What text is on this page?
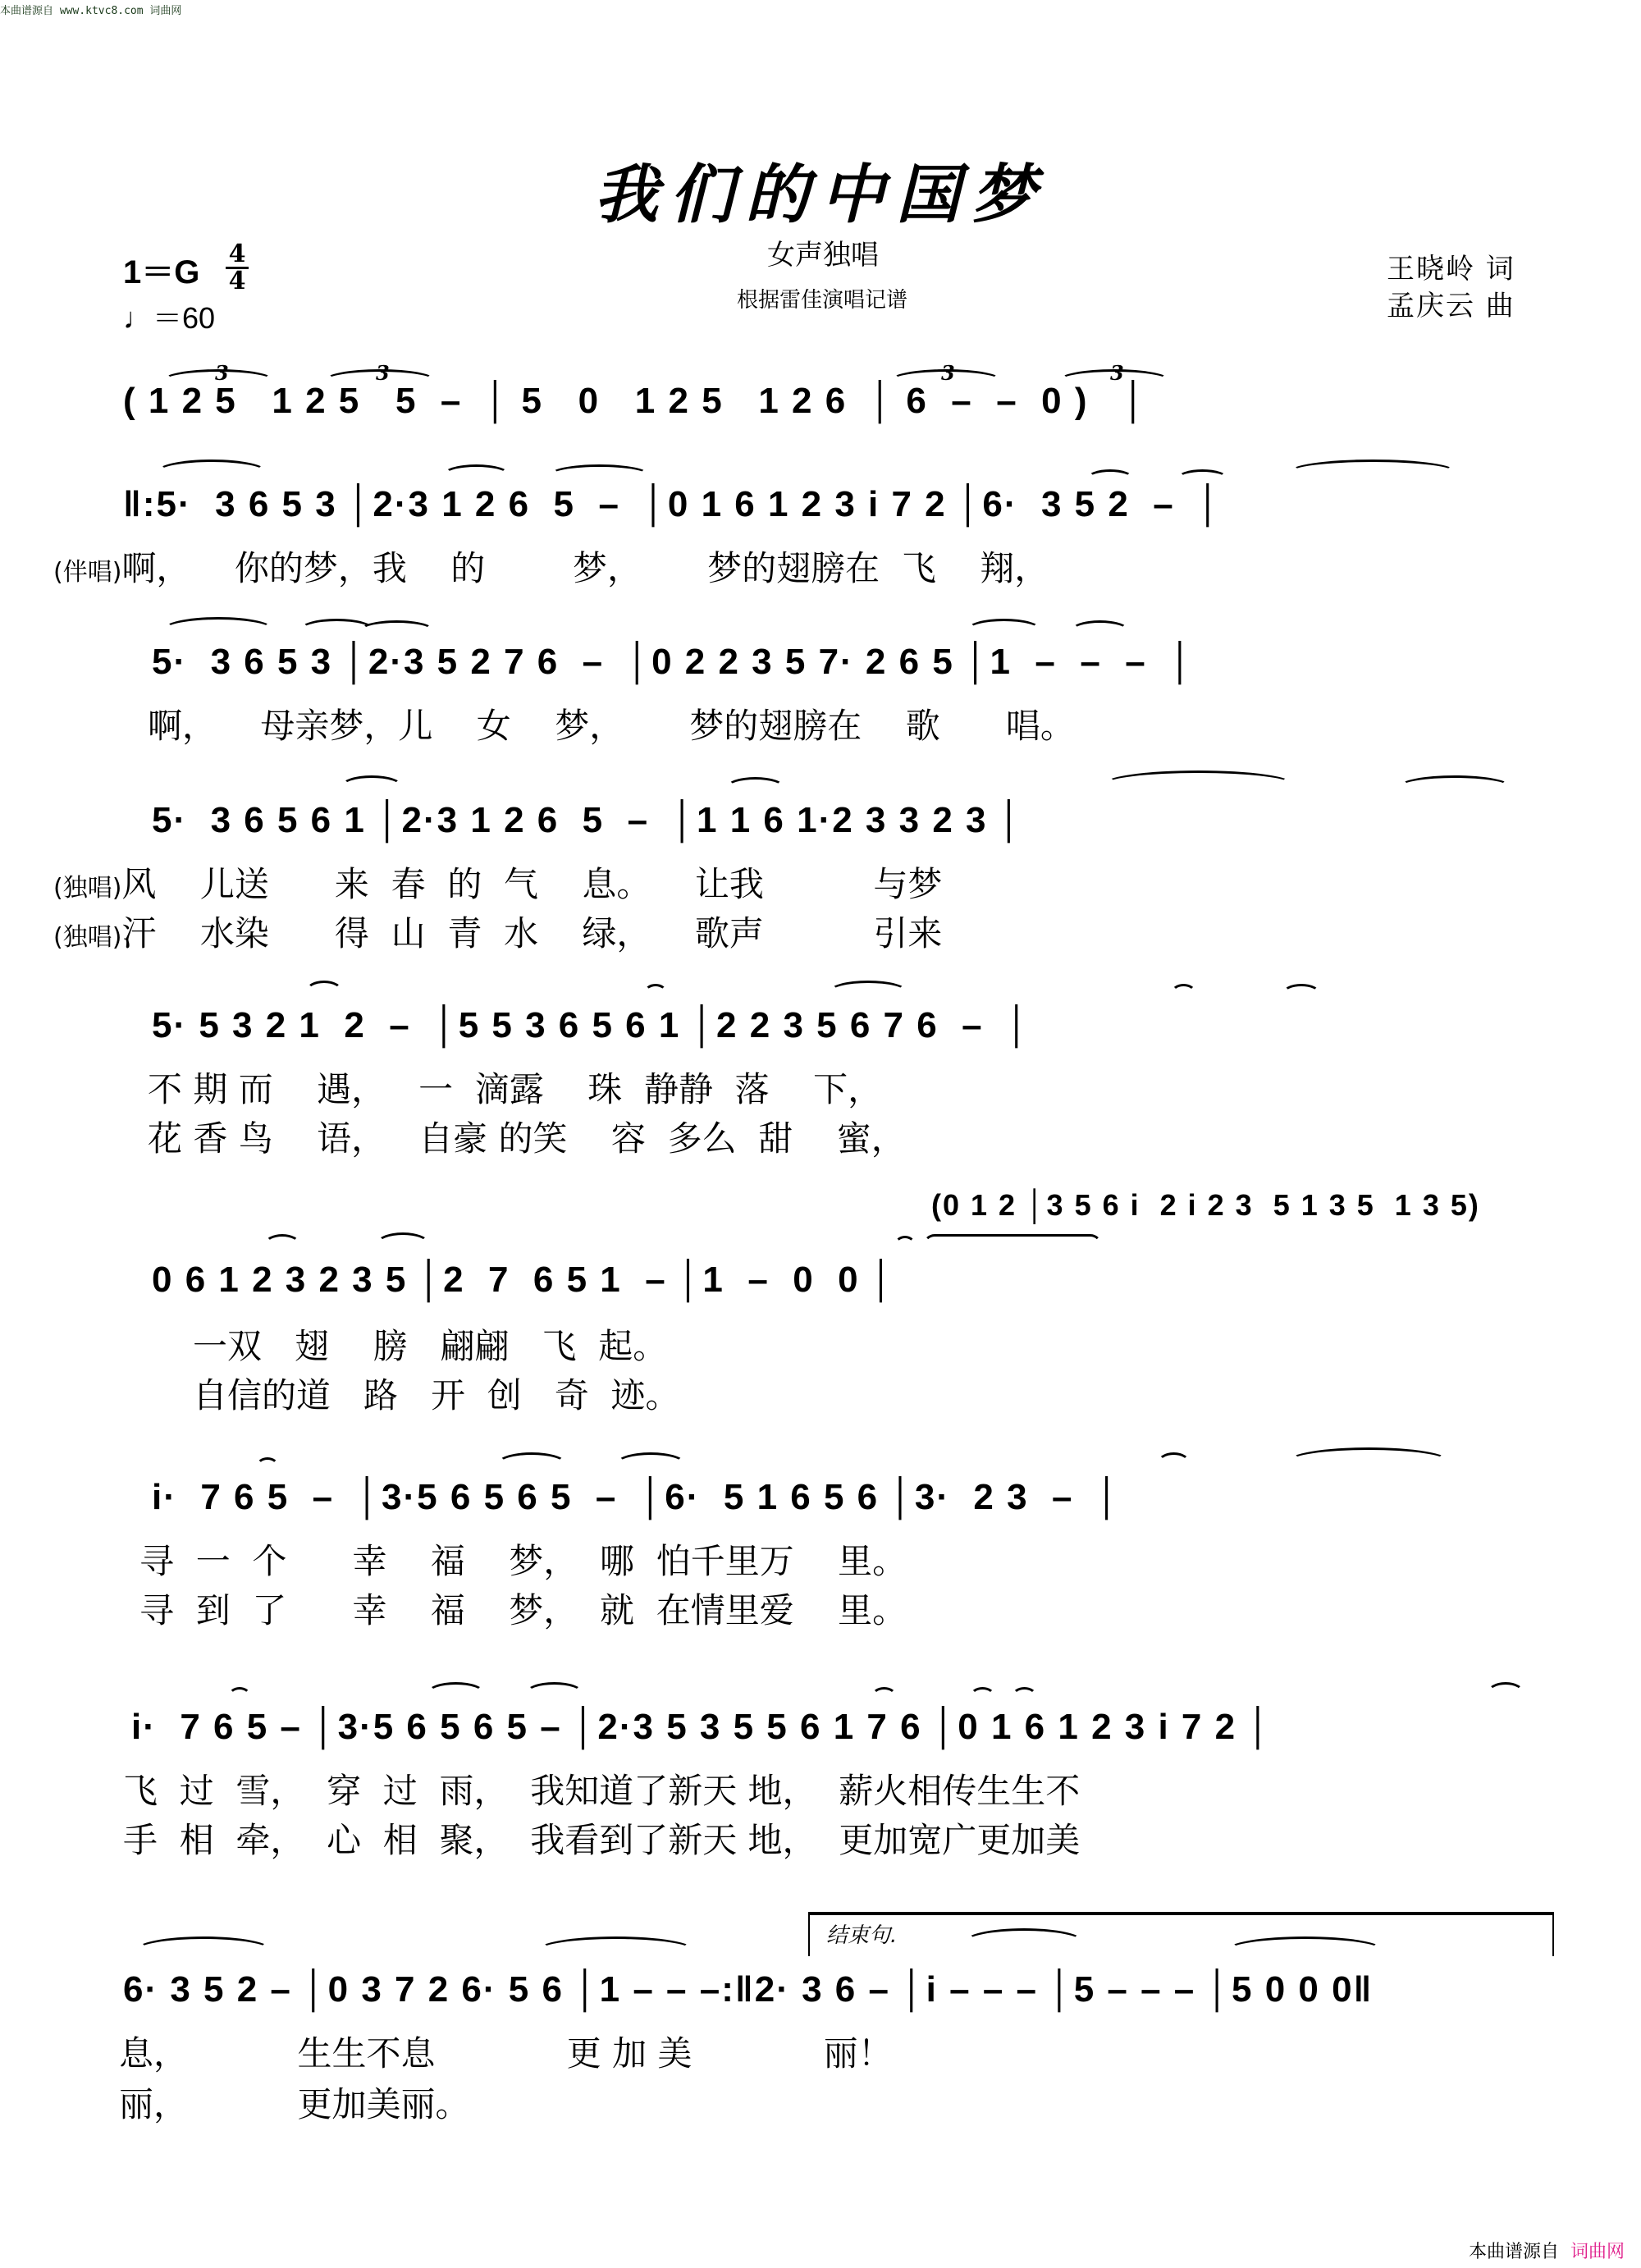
本曲谱源自 www.ktvc8.com 词曲网
我们的中国梦
女声独唱
根据雷佳演唱记谱
王晓岭 词
孟庆云 曲
1＝G
4
4
♩＝60
3	3	3	3
( 1 2 5   1 2 5   5  –  │ 5   0   1 2 5   1 2 6  │ 6  –  –  0 )   │
‖:5·  3 6 5 3 │2·3 1 2 6  5  –  │0 1 6 1 2 3 i 7 2 │6·  3 5 2  –  │
(伴唱)啊，    你的梦，我    的        梦，      梦的翅膀在  飞    翔，
5·  3 6 5 3 │2·3 5 2 7 6  –  │0 2 2 3 5 7· 2 6 5 │1  –  –  –  │
啊，    母亲梦，儿    女    梦，      梦的翅膀在    歌      唱。
5·  3 6 5 6 1 │2·3 1 2 6  5  –  │1 1 6 1·2 3 3 2 3 │
(独唱)风    儿送      来  春  的  气    息。    让我          与梦
(独唱)汗    水染      得  山  青  水    绿，    歌声          引来
5· 5 3 2 1  2  –  │5 5 3 6 5 6 1 │2 2 3 5 6 7 6  –  │
不 期 而    遇，   一  滴露    珠  静静  落    下，
花 香 鸟    语，   自豪 的笑    容  多么  甜    蜜，
(0 1 2 │3 5 6 i  2 i 2 3  5 1 3 5  1 3 5)
0 6 1 2 3 2 3 5 │2  7  6 5 1  – │1  –  0  0 │
一双   翅    膀   翩翩   飞  起。
自信的道   路   开  创   奇  迹。
i·  7 6 5  –  │3·5 6 5 6 5  –  │6·  5 1 6 5 6 │3·  2 3  –  │
寻  一  个      幸    福    梦，  哪  怕千里万    里。
寻  到  了      幸    福    梦，  就  在情里爱    里。
i·  7 6 5 – │3·5 6 5 6 5 – │2·3 5 3 5 5 6 1 7 6 │0 1 6 1 2 3 i 7 2 │
飞  过  雪，  穿  过  雨，  我知道了新天 地，  薪火相传生生不
手  相  牵，  心  相  聚，  我看到了新天 地，  更加宽广更加美
结束句.
6· 3 5 2 – │0 3 7 2 6· 5 6 │1 – – –:‖2· 3 6 – │i – – – │5 – – – │5 0 0 0‖
息，          生生不息            更 加 美            丽！
丽，          更加美丽。
本曲谱源自 词曲网
